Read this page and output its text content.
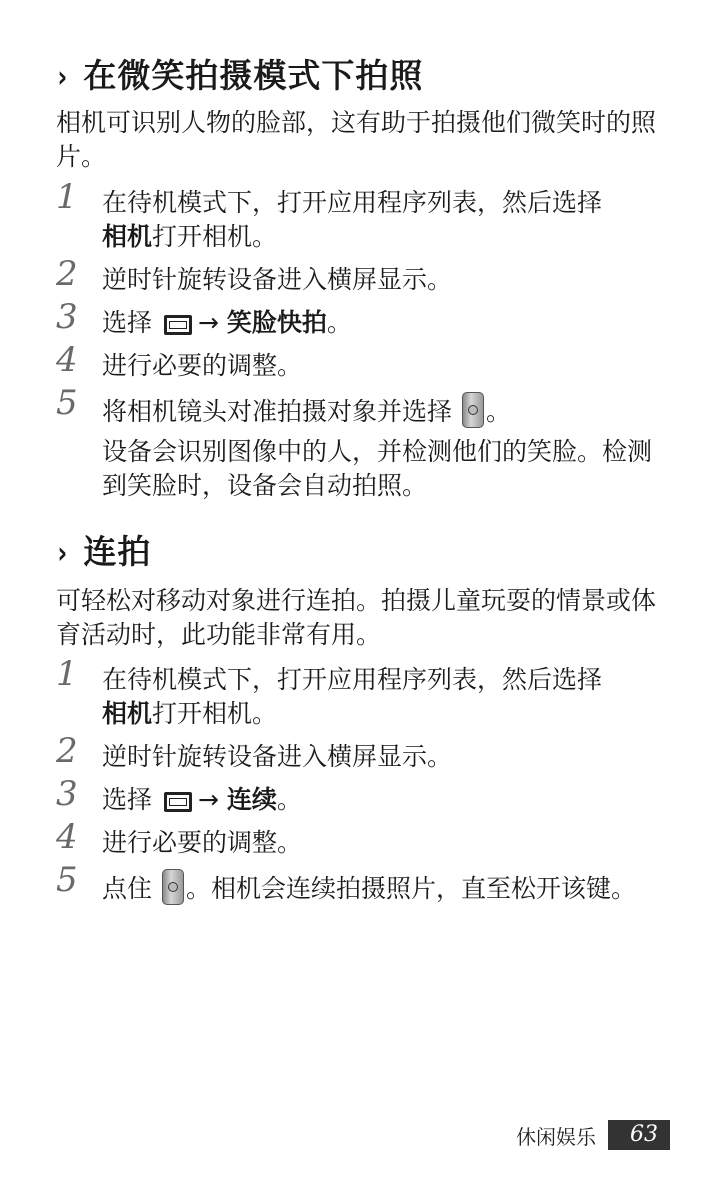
› 在微笑拍摄模式下拍照

相机可识别人物的脸部，这有助于拍摄他们微笑时的照片。

1 在待机模式下，打开应用程序列表，然后选择
相机打开相机。
2 逆时针旋转设备进入横屏显示。
3 选择 → 笑脸快拍。
4 进行必要的调整。
5 将相机镜头对准拍摄对象并选择 。
设备会识别图像中的人，并检测他们的笑脸。检测到笑脸时，设备会自动拍照。
› 连拍

可轻松对移动对象进行连拍。拍摄儿童玩耍的情景或体育活动时，此功能非常有用。

1 在待机模式下，打开应用程序列表，然后选择
相机打开相机。
2 逆时针旋转设备进入横屏显示。
3 选择 → 连续。
4 进行必要的调整。
5 点住 。相机会连续拍摄照片，直至松开该键。
休闲娱乐	63
